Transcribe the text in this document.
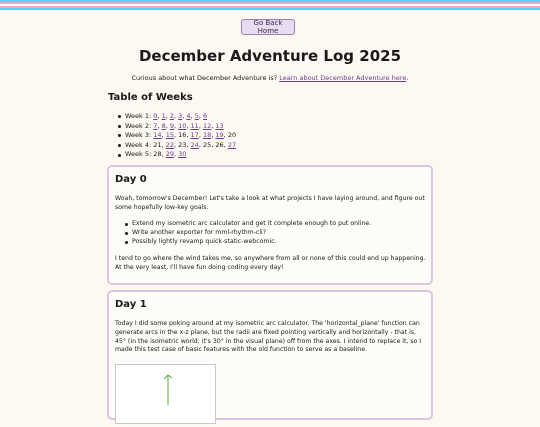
Go Back Home
December Adventure Log 2025
Curious about what December Adventure is? Learn about December Adventure here.
Table of Weeks
Week 1: 0, 1, 2, 3, 4, 5, 6
Week 2: 7, 8, 9, 10, 11, 12, 13
Week 3: 14, 15, 16, 17, 18, 19, 20
Week 4: 21, 22, 23, 24, 25, 26, 27
Week 5: 28, 29, 30
Day 0

Woah, tomorrow's December! Let's take a look at what projects I have laying around, and figure out some hopefully low-key goals.

Extend my isometric arc calculator and get it complete enough to put online.
Write another exporter for mml-rhythm-cli?
Possibly lightly revamp quick-static-webcomic.

I tend to go where the wind takes me, so anywhere from all or none of this could end up happening. At the very least, I'll have fun doing coding every day!

Day 1

Today I did some poking around at my isometric arc calculator. The 'horizontal_plane' function can generate arcs in the x-z plane, but the radii are fixed pointing vertically and horizontally - that is, 45° (in the isometric world; it's 30° in the visual plane) off from the axes. I intend to replace it, so I made this test case of basic features with the old function to serve as a baseline.
